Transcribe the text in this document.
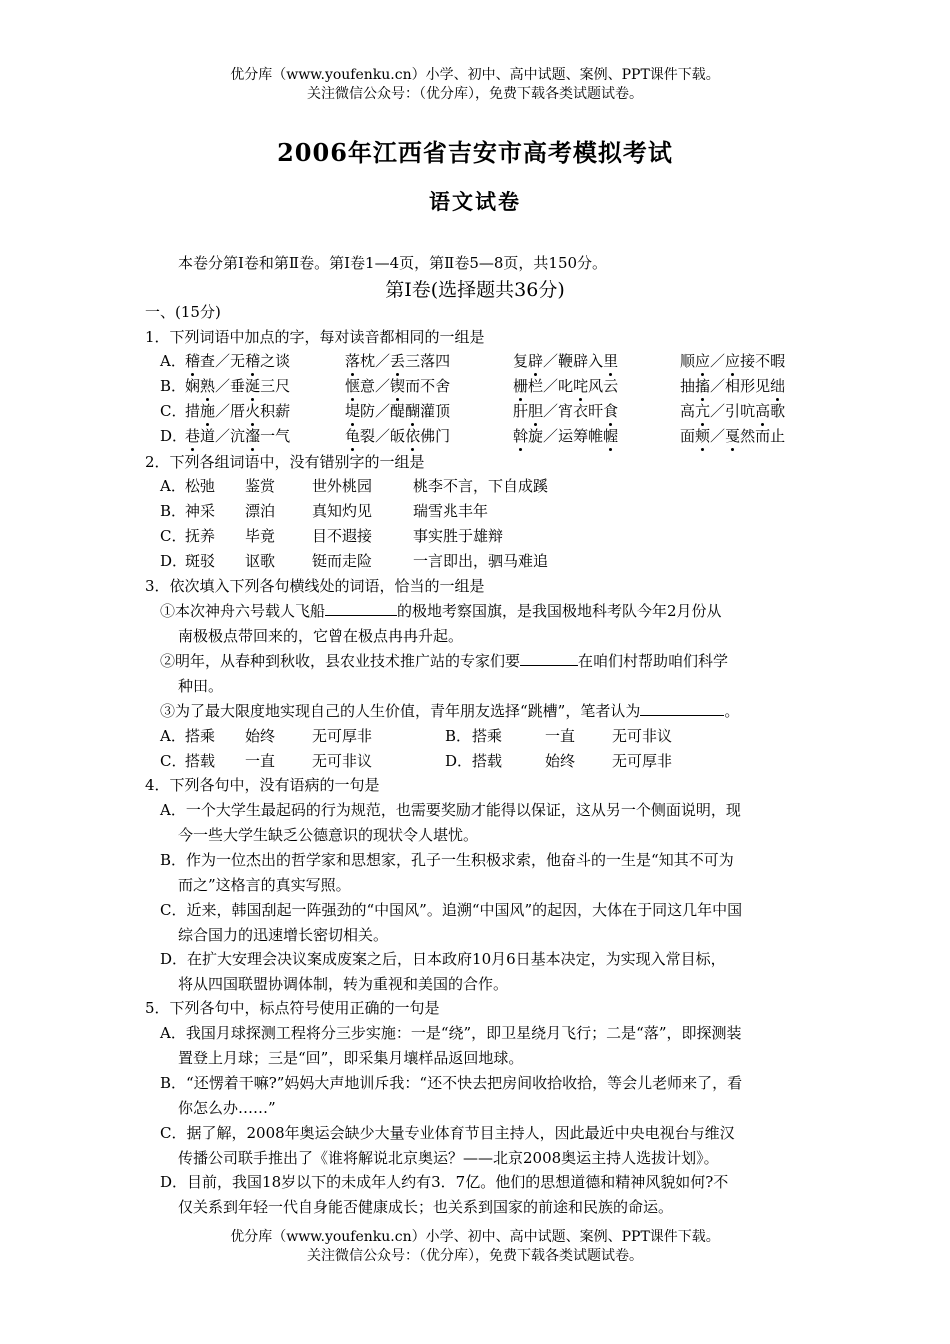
优分库（www.youfenku.cn）小学、初中、高中试题、案例、PPT课件下载。
关注微信公众号：（优分库），免费下载各类试题试卷。
2006年江西省吉安市高考模拟考试
语文试卷
本卷分第Ⅰ卷和第Ⅱ卷。第Ⅰ卷1—4页，第Ⅱ卷5—8页，共150分。
第Ⅰ卷(选择题共36分)
一、(15分)
1．下列词语中加点的字，每对读音都相同的一组是
A． 稽查／无稽之谈	落枕／丢三落四	复辟／鞭辟入里	顺应／应接不暇
B．
娴熟／垂涎三尺	惬意／锲而不舍	栅栏／叱咤风云	抽搐／相形见绌
C．
措施／厝火积薪	堤防／醍醐灌顶	肝胆／宵衣旰食	高亢／引吭高歌
D．
巷道／沆瀣一气	龟裂／皈依佛门	斡旋／运筹帷幄	面颊／戛然而止
2．下列各组词语中，没有错别字的一组是
A． 松弛 鉴赏 世外桃园	桃李不言，下自成蹊
B．
神采 漂泊 真知灼见	瑞雪兆丰年
C．
抚养 毕竟 目不遐接	事实胜于雄辩
D．
斑驳 讴歌 铤而走险	一言即出，驷马难追
3．依次填入下列各句横线处的词语，恰当的一组是
①本次神舟六号载人飞船	的极地考察国旗，是我国极地科考队今年2月份从
南极极点带回来的，它曾在极点冉冉升起。
②明年，从春种到秋收，县农业技术推广站的专家们要	在咱们村帮助咱们科学
种田。
③为了最大限度地实现自己的人生价值，青年朋友选择“跳槽”，笔者认为	。
A． 搭乘 始终 无可厚非	B． 搭乘	一直 无可非议
C．
搭载 一直 无可非议	D． 搭载	始终 无可厚非
4．下列各句中，没有语病的一句是
A．一个大学生最起码的行为规范，也需要奖励才能得以保证，这从另一个侧面说明，现
今一些大学生缺乏公德意识的现状令人堪忧。
B．作为一位杰出的哲学家和思想家，孔子一生积极求索，他奋斗的一生是“知其不可为
而之”这格言的真实写照。
C．近来，韩国刮起一阵强劲的“中国风”。追溯“中国风”的起因，大体在于同这几年中国
综合国力的迅速增长密切相关。
D．在扩大安理会决议案成废案之后，日本政府10月6日基本决定，为实现入常目标，
将从四国联盟协调体制，转为重视和美国的合作。
5．下列各句中，标点符号使用正确的一句是
A．我国月球探测工程将分三步实施：一是“绕”，即卫星绕月飞行；二是“落”，即探测装
置登上月球；三是“回”，即采集月壤样品返回地球。
B．“还愣着干嘛?”妈妈大声地训斥我：“还不快去把房间收拾收拾，等会儿老师来了，看
你怎么办……”
C．据了解，2008年奥运会缺少大量专业体育节目主持人，因此最近中央电视台与维汉
传播公司联手推出了《谁将解说北京奥运？——北京2008奥运主持人选拔计划》。
D．目前，我国18岁以下的未成年人约有3．7亿。他们的思想道德和精神风貌如何?不
仅关系到年轻一代自身能否健康成长；也关系到国家的前途和民族的命运。
优分库（www.youfenku.cn）小学、初中、高中试题、案例、PPT课件下载。
关注微信公众号：（优分库），免费下载各类试题试卷。
